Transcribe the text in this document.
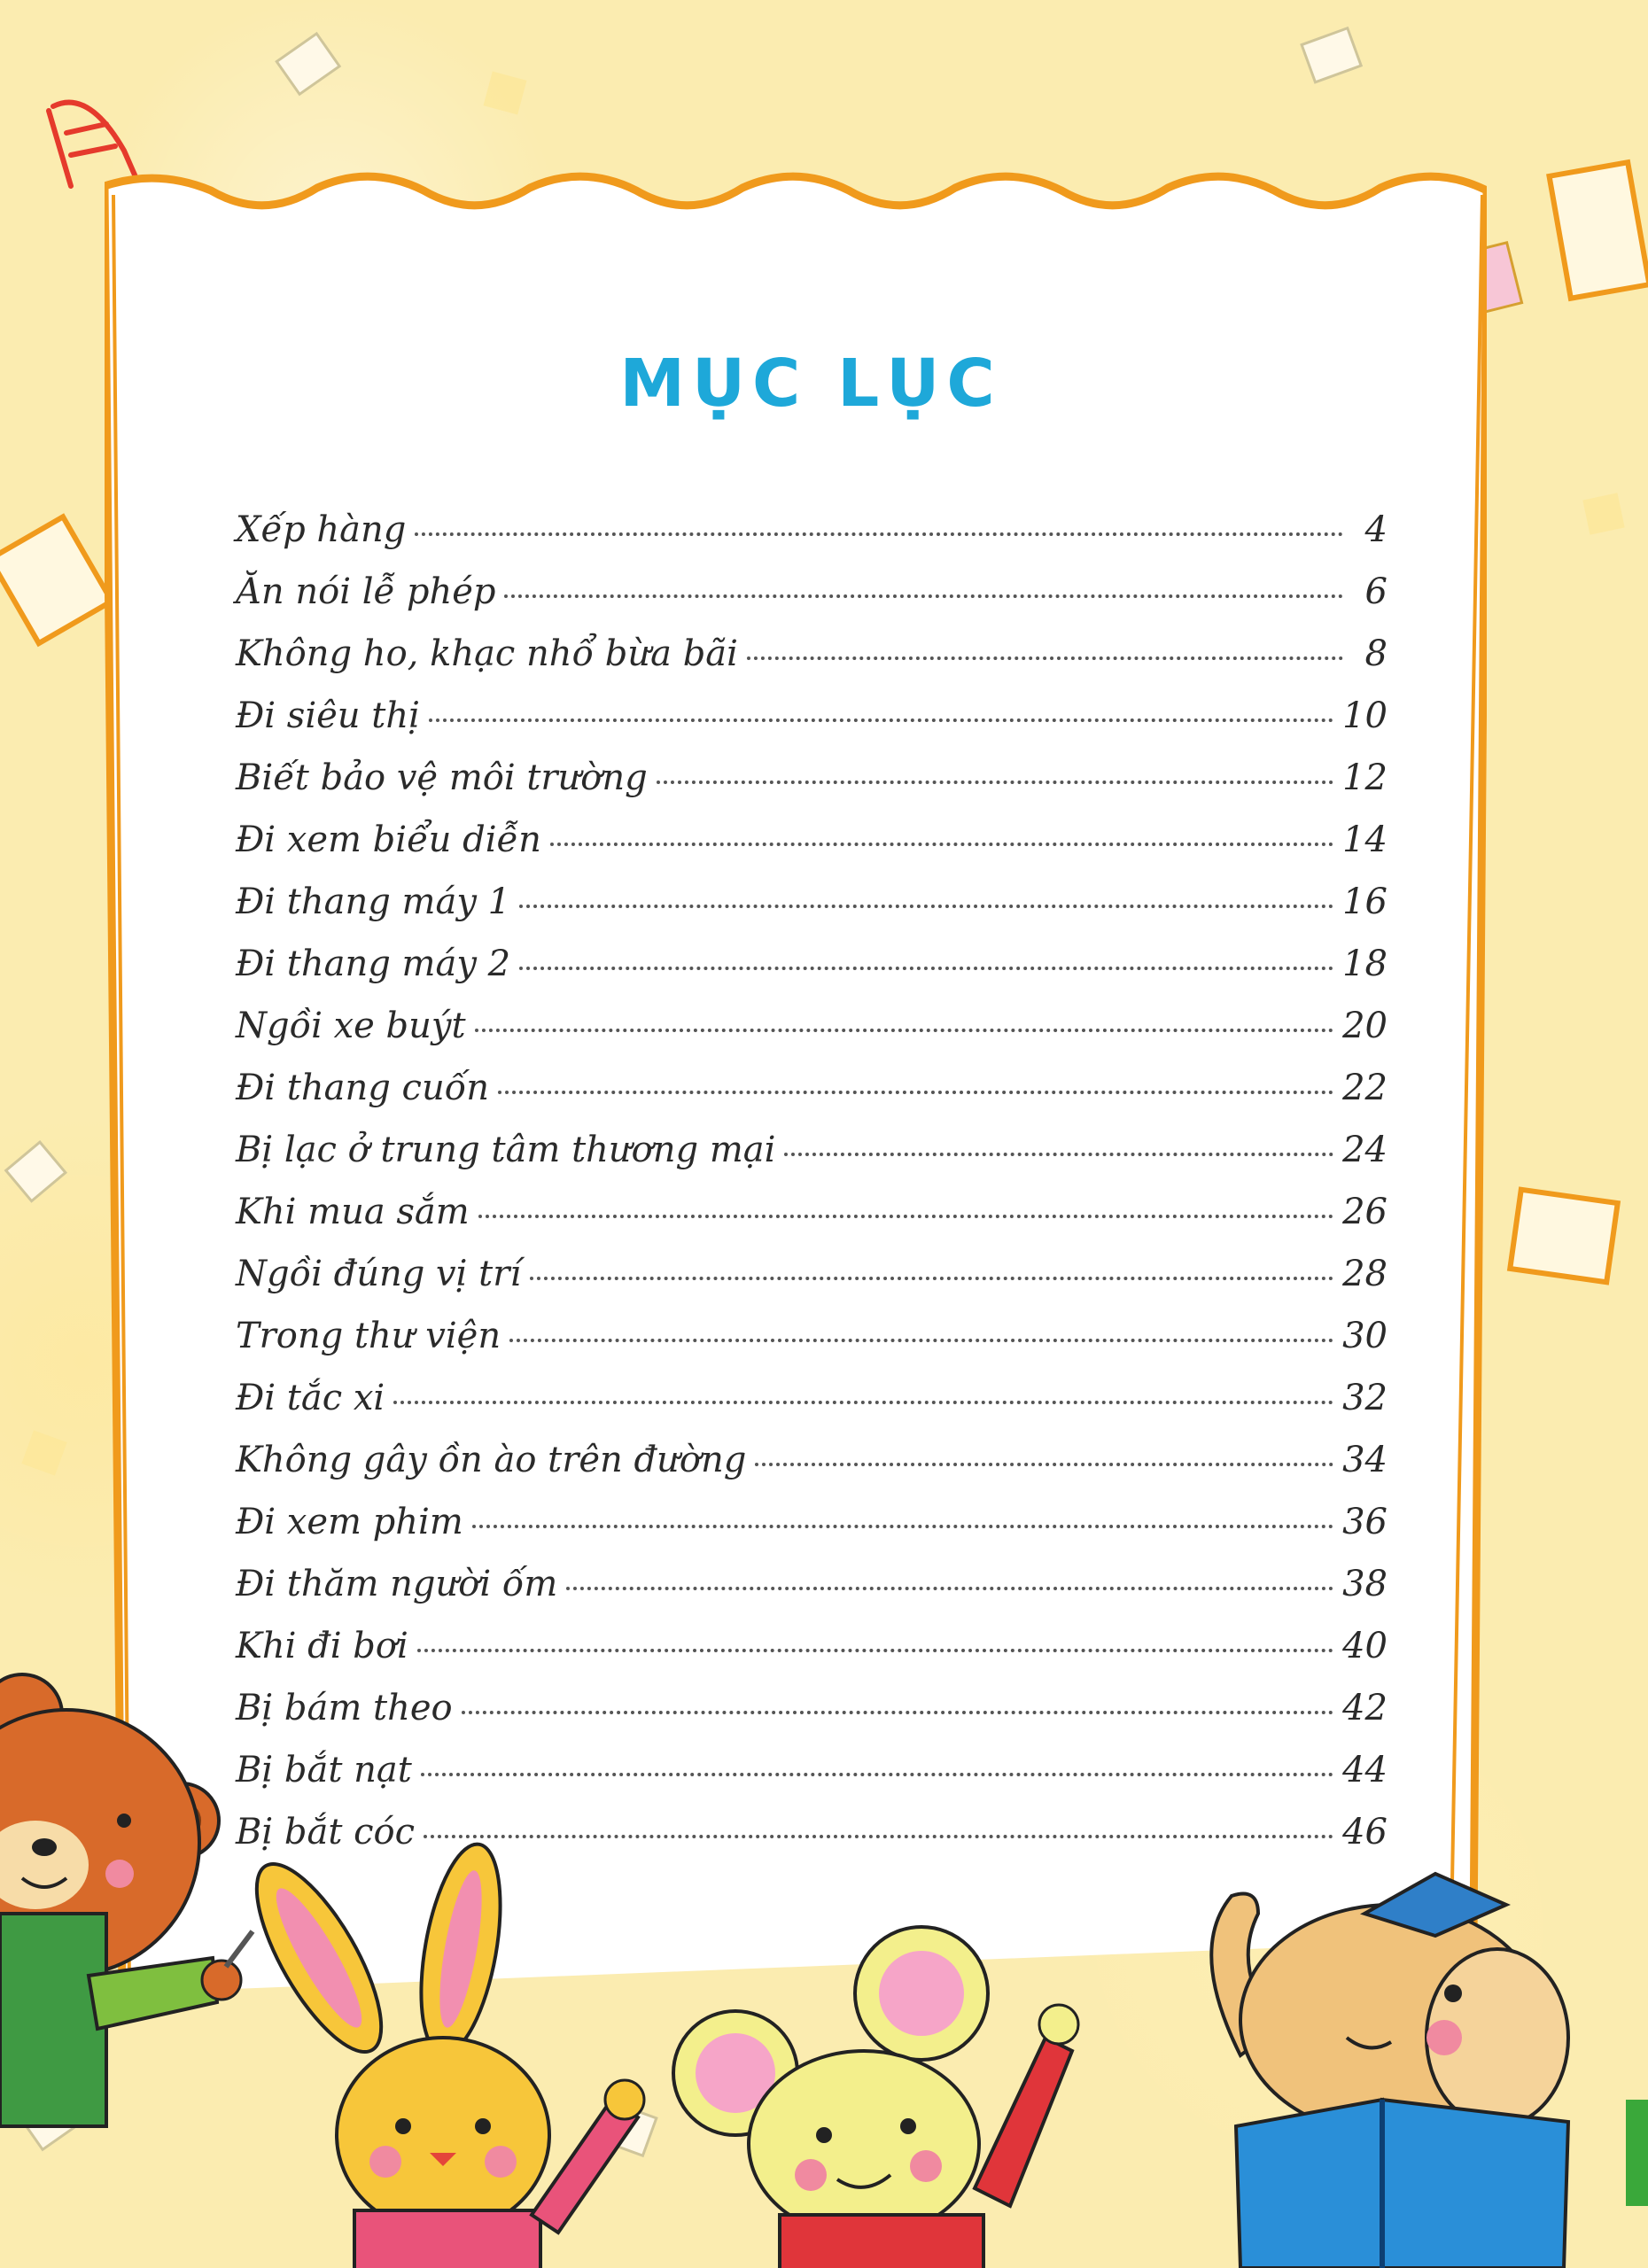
MỤC LỤC
Xếp hàng	4
Ăn nói lễ phép	6
Không ho, khạc nhổ bừa bãi	8
Đi siêu thị	10
Biết bảo vệ môi trường	12
Đi xem biểu diễn	14
Đi thang máy 1	16
Đi thang máy 2	18
Ngồi xe buýt	20
Đi thang cuốn	22
Bị lạc ở trung tâm thương mại	24
Khi mua sắm	26
Ngồi đúng vị trí	28
Trong thư viện	30
Đi tắc xi	32
Không gây ồn ào trên đường	34
Đi xem phim	36
Đi thăm người ốm	38
Khi đi bơi	40
Bị bám theo	42
Bị bắt nạt	44
Bị bắt cóc	46
